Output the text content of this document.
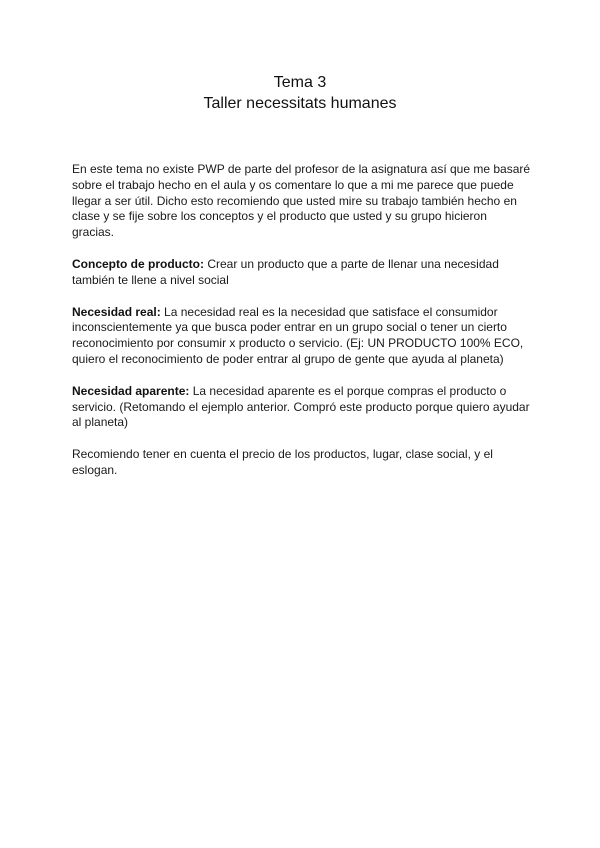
Tema 3
Taller necessitats humanes

En este tema no existe PWP de parte del profesor de la asignatura así que me basaré sobre el trabajo hecho en el aula y os comentare lo que a mi me parece que puede llegar a ser útil. Dicho esto recomiendo que usted mire su trabajo también hecho en clase y se fije sobre los conceptos y el producto que usted y su grupo hicieron gracias.

Concepto de producto: Crear un producto que a parte de llenar una necesidad también te llene a nivel social

Necesidad real: La necesidad real es la necesidad que satisface el consumidor inconscientemente ya que busca poder entrar en un grupo social o tener un cierto reconocimiento por consumir x producto o servicio. (Ej: UN PRODUCTO 100% ECO, quiero el reconocimiento de poder entrar al grupo de gente que ayuda al planeta)

Necesidad aparente: La necesidad aparente es el porque compras el producto o servicio. (Retomando el ejemplo anterior. Compró este producto porque quiero ayudar al planeta)

Recomiendo tener en cuenta el precio de los productos, lugar, clase social, y el eslogan.
